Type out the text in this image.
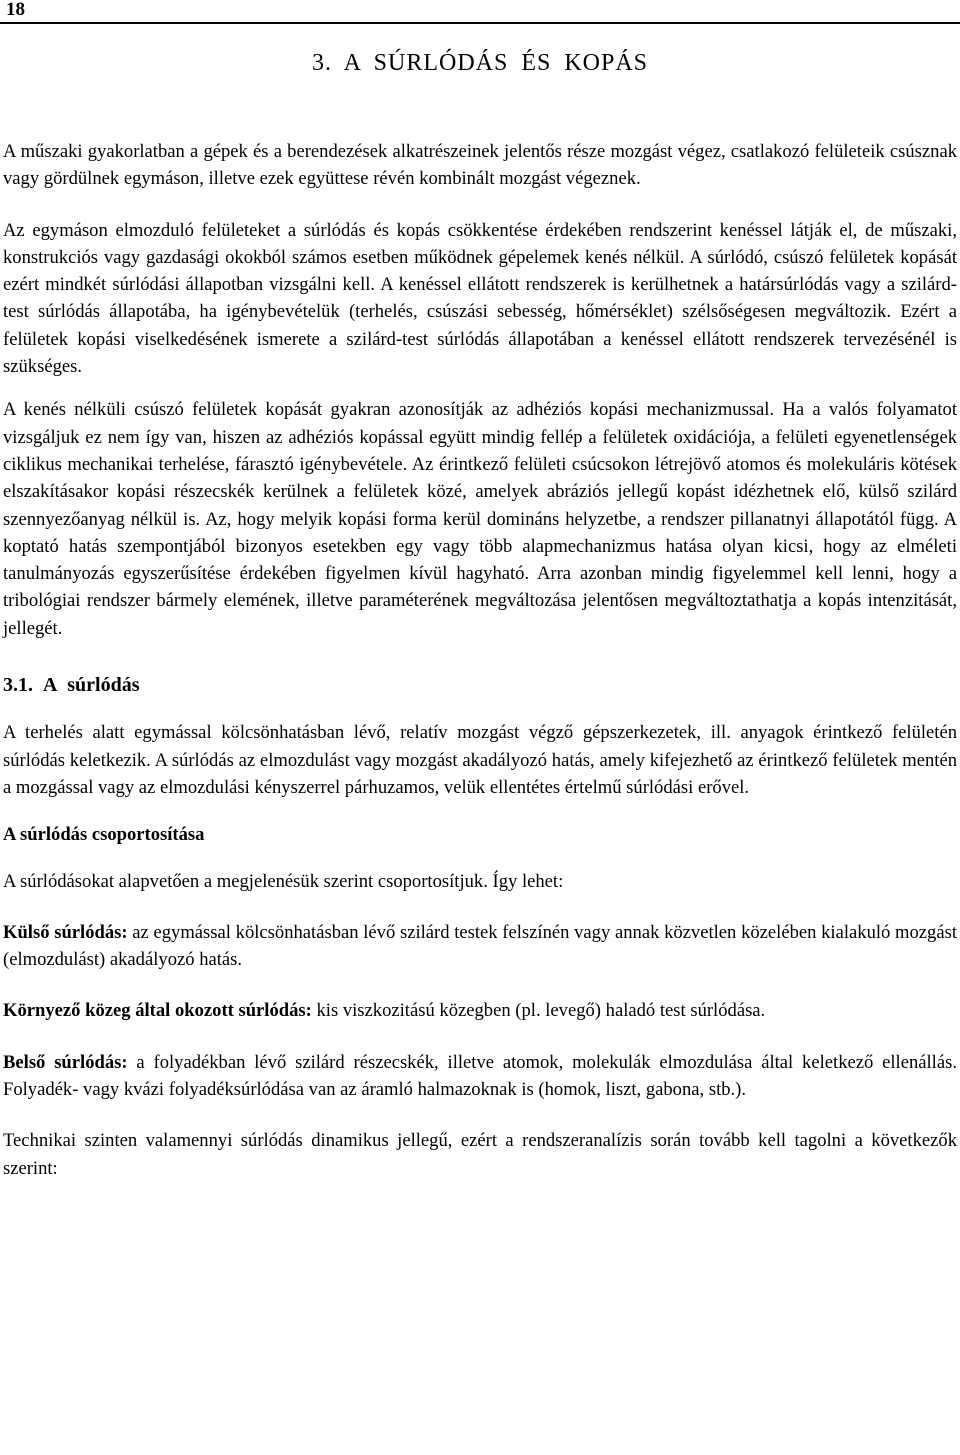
18
3. A SÚRLÓDÁS ÉS KOPÁS

A műszaki gyakorlatban a gépek és a berendezések alkatrészeinek jelentős része mozgást végez, csatlakozó felületeik csúsznak vagy gördülnek egymáson, illetve ezek együttese révén kombinált mozgást végeznek.

Az egymáson elmozduló felületeket a súrlódás és kopás csökkentése érdekében rendszerint kenéssel látják el, de műszaki, konstrukciós vagy gazdasági okokból számos esetben működnek gépelemek kenés nélkül. A súrlódó, csúszó felületek kopását ezért mindkét súrlódási állapotban vizsgálni kell. A kenéssel ellátott rendszerek is kerülhetnek a határsúrlódás vagy a szilárd-test súrlódás állapotába, ha igénybevételük (terhelés, csúszási sebesség, hőmérséklet) szélsőségesen megváltozik. Ezért a felületek kopási viselkedésének ismerete a szilárd-test súrlódás állapotában a kenéssel ellátott rendszerek tervezésénél is szükséges.

A kenés nélküli csúszó felületek kopását gyakran azonosítják az adhéziós kopási mechanizmussal. Ha a valós folyamatot vizsgáljuk ez nem így van, hiszen az adhéziós kopással együtt mindig fellép a felületek oxidációja, a felületi egyenetlenségek ciklikus mechanikai terhelése, fárasztó igénybevétele. Az érintkező felületi csúcsokon létrejövő atomos és molekuláris kötések elszakításakor kopási részecskék kerülnek a felületek közé, amelyek abráziós jellegű kopást idézhetnek elő, külső szilárd szennyezőanyag nélkül is. Az, hogy melyik kopási forma kerül domináns helyzetbe, a rendszer pillanatnyi állapotától függ. A koptató hatás szempontjából bizonyos esetekben egy vagy több alapmechanizmus hatása olyan kicsi, hogy az elméleti tanulmányozás egyszerűsítése érdekében figyelmen kívül hagyható. Arra azonban mindig figyelemmel kell lenni, hogy a tribológiai rendszer bármely elemének, illetve paraméterének megváltozása jelentősen megváltoztathatja a kopás intenzitását, jellegét.

3.1. A súrlódás

A terhelés alatt egymással kölcsönhatásban lévő, relatív mozgást végző gépszerkezetek, ill. anyagok érintkező felületén súrlódás keletkezik. A súrlódás az elmozdulást vagy mozgást akadályozó hatás, amely kifejezhető az érintkező felületek mentén a mozgással vagy az elmozdulási kényszerrel párhuzamos, velük ellentétes értelmű súrlódási erővel.

A súrlódás csoportosítása

A súrlódásokat alapvetően a megjelenésük szerint csoportosítjuk. Így lehet:

Külső súrlódás: az egymással kölcsönhatásban lévő szilárd testek felszínén vagy annak közvetlen közelében kialakuló mozgást (elmozdulást) akadályozó hatás.

Környező közeg által okozott súrlódás: kis viszkozitású közegben (pl. levegő) haladó test súrlódása.

Belső súrlódás: a folyadékban lévő szilárd részecskék, illetve atomok, molekulák elmozdulása által keletkező ellenállás. Folyadék- vagy kvázi folyadéksúrlódása van az áramló halmazoknak is (homok, liszt, gabona, stb.).

Technikai szinten valamennyi súrlódás dinamikus jellegű, ezért a rendszeranalízis során tovább kell tagolni a következők szerint:
